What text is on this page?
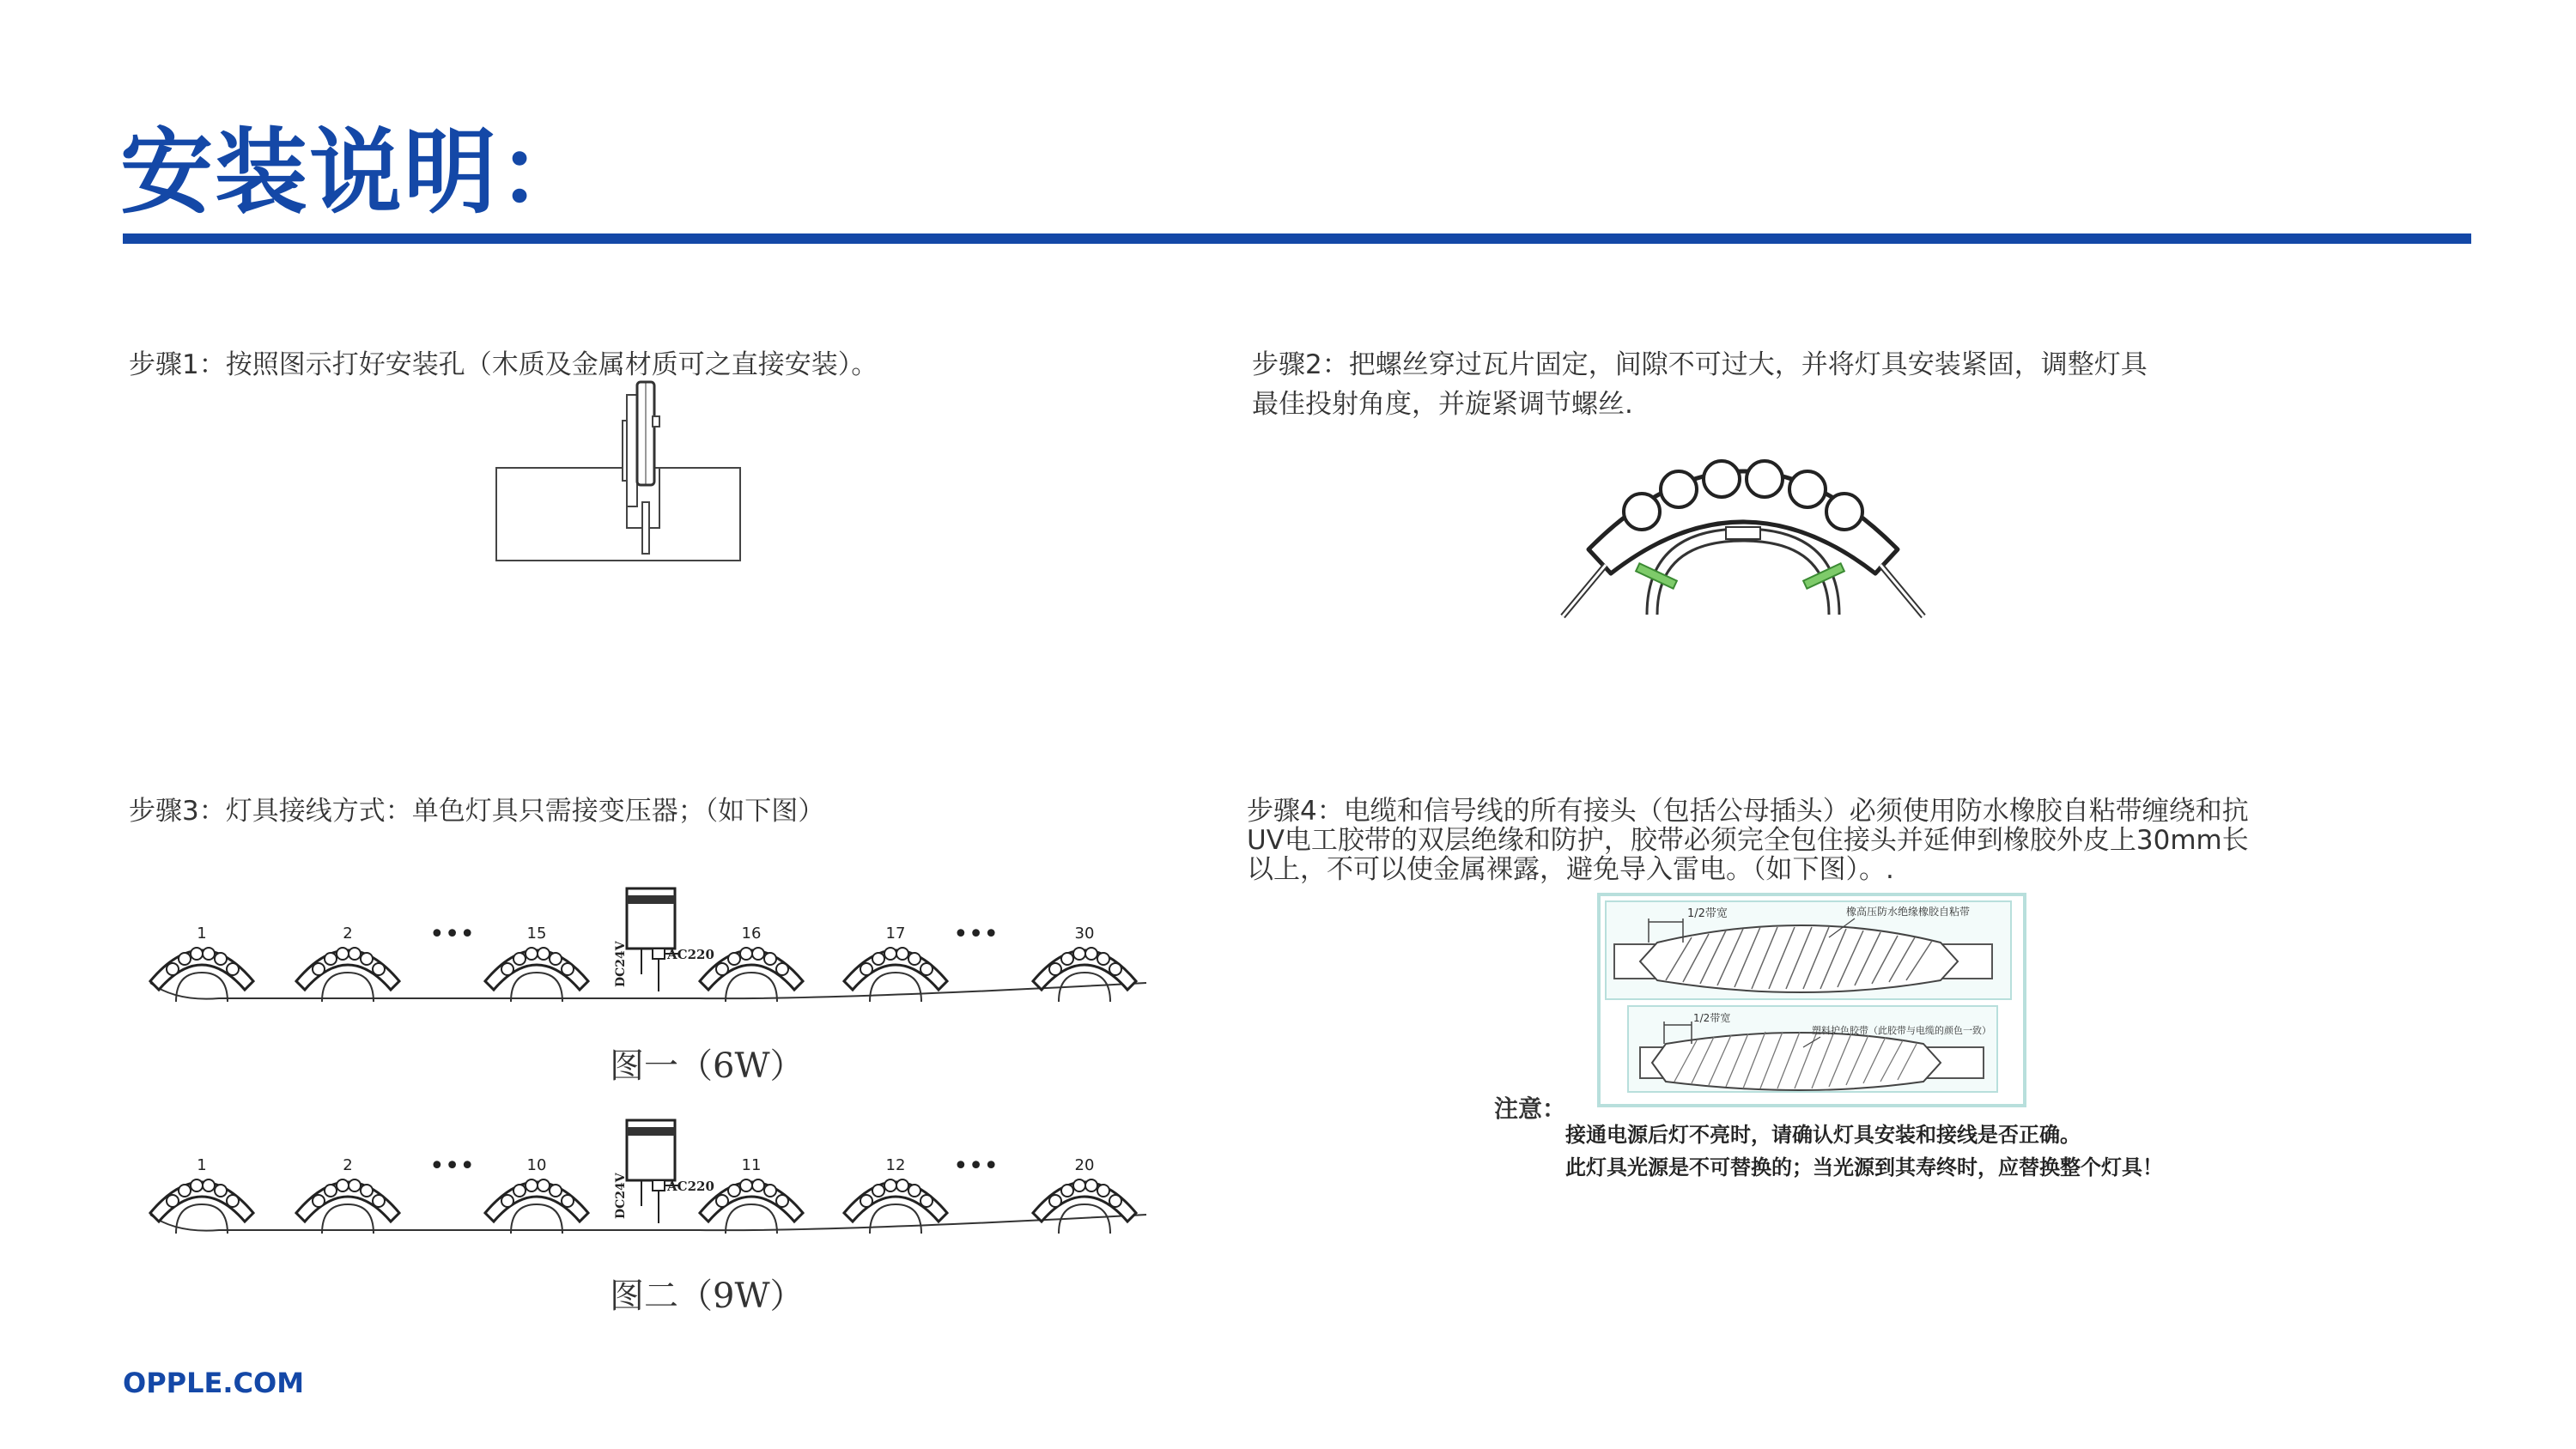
安装说明：
步骤1：按照图示打好安装孔（木质及金属材质可之直接安装）。	步骤2：把螺丝穿过瓦片固定，间隙不可过大，并将灯具安装紧固，调整灯具
最佳投射角度，并旋紧调节螺丝.
步骤3：灯具接线方式：单色灯具只需接变压器；（如下图）	步骤4：电缆和信号线的所有接头（包括公母插头）必须使用防水橡胶自粘带缠绕和抗
UV电工胶带的双层绝缘和防护，胶带必须完全包住接头并延伸到橡胶外皮上30mm长
以上，不可以使金属裸露，避免导入雷电。（如下图）。.
DC24V	AC220
•••	•••
1	2	15	16	17	30
图一（6W）
DC24V	AC220
•••	•••
1	2	10	11	12	20
图二（9W）
1/2带宽	橡高压防水绝缘橡胶自粘带
1/2带宽
塑料护色胶带（此胶带与电缆的颜色一致）
注意：
接通电源后灯不亮时，请确认灯具安装和接线是否正确。
此灯具光源是不可替换的；当光源到其寿终时，应替换整个灯具！
OPPLE.COM
